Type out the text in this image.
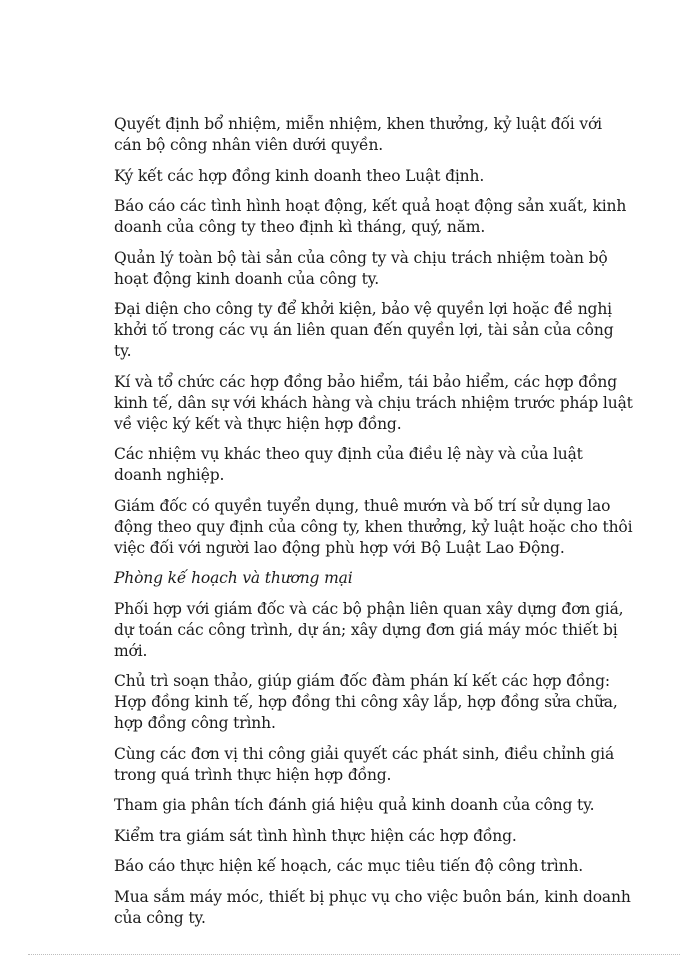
Quyết định bổ nhiệm, miễn nhiệm, khen thưởng, kỷ luật đối với cán bộ công nhân viên dưới quyền.

Ký kết các hợp đồng kinh doanh theo Luật định.

Báo cáo các tình hình hoạt động, kết quả hoạt động sản xuất, kinh doanh của công ty theo định kì tháng, quý, năm.

Quản lý toàn bộ tài sản của công ty và chịu trách nhiệm toàn bộ hoạt động kinh doanh của công ty.

Đại diện cho công ty để khởi kiện, bảo vệ quyền lợi hoặc đề nghị khởi tố trong các vụ án liên quan đến quyền lợi, tài sản của công ty.

Kí và tổ chức các hợp đồng bảo hiểm, tái bảo hiểm, các hợp đồng kinh tế, dân sự với khách hàng và chịu trách nhiệm trước pháp luật về việc ký kết và thực hiện hợp đồng.

Các nhiệm vụ khác theo quy định của điều lệ này và của luật doanh nghiệp.

Giám đốc có quyền tuyển dụng, thuê mướn và bố trí sử dụng lao động theo quy định của công ty, khen thưởng, kỷ luật hoặc cho thôi việc đối với người lao động phù hợp với Bộ Luật Lao Động.

Phòng kế hoạch và thương mại

Phối hợp với giám đốc và các bộ phận liên quan xây dựng đơn giá, dự toán các công trình, dự án; xây dựng đơn giá máy móc thiết bị mới.

Chủ trì soạn thảo, giúp giám đốc đàm phán kí kết các hợp đồng: Hợp đồng kinh tế, hợp đồng thi công xây lắp, hợp đồng sửa chữa, hợp đồng công trình.

Cùng các đơn vị thi công giải quyết các phát sinh, điều chỉnh giá trong quá trình thực hiện hợp đồng.

Tham gia phân tích đánh giá hiệu quả kinh doanh của công ty.

Kiểm tra giám sát tình hình thực hiện các hợp đồng.

Báo cáo thực hiện kế hoạch, các mục tiêu tiến độ công trình.

Mua sắm máy móc, thiết bị phục vụ cho việc buôn bán, kinh doanh của công ty.
